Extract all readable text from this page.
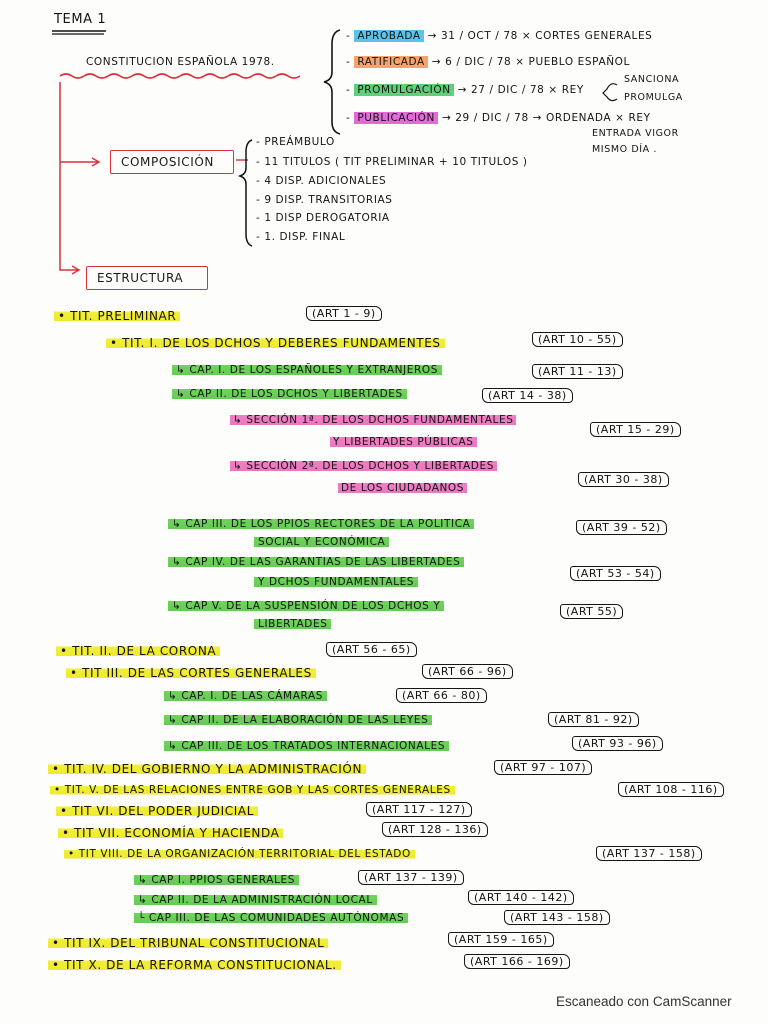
TEMA 1
CONSTITUCION ESPAÑOLA 1978.
- APROBADA → 31 / OCT / 78 × CORTES GENERALES
- RATIFICADA → 6 / DIC / 78 × PUEBLO ESPAÑOL
- PROMULGACIÓN → 27 / DIC / 78 × REY
SANCIONA
PROMULGA
- PUBLICACIÓN → 29 / DIC / 78 → ORDENADA × REY
ENTRADA VIGOR
MISMO DÍA .
COMPOSICIÓN
- PREÁMBULO
- 11 TITULOS ( TIT PRELIMINAR + 10 TITULOS )
- 4 DISP. ADICIONALES
- 9 DISP. TRANSITORIAS
- 1 DISP DEROGATORIA
- 1. DISP. FINAL
ESTRUCTURA
• TIT. PRELIMINAR	(ART 1 - 9)
• TIT. I. DE LOS DCHOS Y DEBERES FUNDAMENTES	(ART 10 - 55)
↳ CAP. I. DE LOS ESPAÑOLES Y EXTRANJEROS	(ART 11 - 13)
↳ CAP II. DE LOS DCHOS Y LIBERTADES	(ART 14 - 38)
↳ SECCIÓN 1ª. DE LOS DCHOS FUNDAMENTALES
Y LIBERTADES PÚBLICAS
(ART 15 - 29)
↳ SECCIÓN 2ª. DE LOS DCHOS Y LIBERTADES
DE LOS CIUDADANOS
(ART 30 - 38)
↳ CAP III. DE LOS PPIOS RECTORES DE LA POLITICA
SOCIAL Y ECONÓMICA
(ART 39 - 52)
↳ CAP IV. DE LAS GARANTIAS DE LAS LIBERTADES
Y DCHOS FUNDAMENTALES
(ART 53 - 54)
↳ CAP V. DE LA SUSPENSIÓN DE LOS DCHOS Y
LIBERTADES
(ART 55)
• TIT. II. DE LA CORONA	(ART 56 - 65)
• TIT III. DE LAS CORTES GENERALES	(ART 66 - 96)
↳ CAP. I. DE LAS CÁMARAS	(ART 66 - 80)
↳ CAP II. DE LA ELABORACIÓN DE LAS LEYES	(ART 81 - 92)
↳ CAP III. DE LOS TRATADOS INTERNACIONALES	(ART 93 - 96)
• TIT. IV. DEL GOBIERNO Y LA ADMINISTRACIÓN	(ART 97 - 107)
• TIT. V. DE LAS RELACIONES ENTRE GOB Y LAS CORTES GENERALES	(ART 108 - 116)
• TIT VI. DEL PODER JUDICIAL	(ART 117 - 127)
• TIT VII. ECONOMÍA Y HACIENDA	(ART 128 - 136)
• TIT VIII. DE LA ORGANIZACIÓN TERRITORIAL DEL ESTADO	(ART 137 - 158)
↳ CAP I. PPIOS GENERALES	(ART 137 - 139)
↳ CAP II. DE LA ADMINISTRACIÓN LOCAL	(ART 140 - 142)
└ CAP III. DE LAS COMUNIDADES AUTÓNOMAS	(ART 143 - 158)
• TIT IX. DEL TRIBUNAL CONSTITUCIONAL	(ART 159 - 165)
• TIT X. DE LA REFORMA CONSTITUCIONAL.	(ART 166 - 169)
Escaneado con CamScanner
